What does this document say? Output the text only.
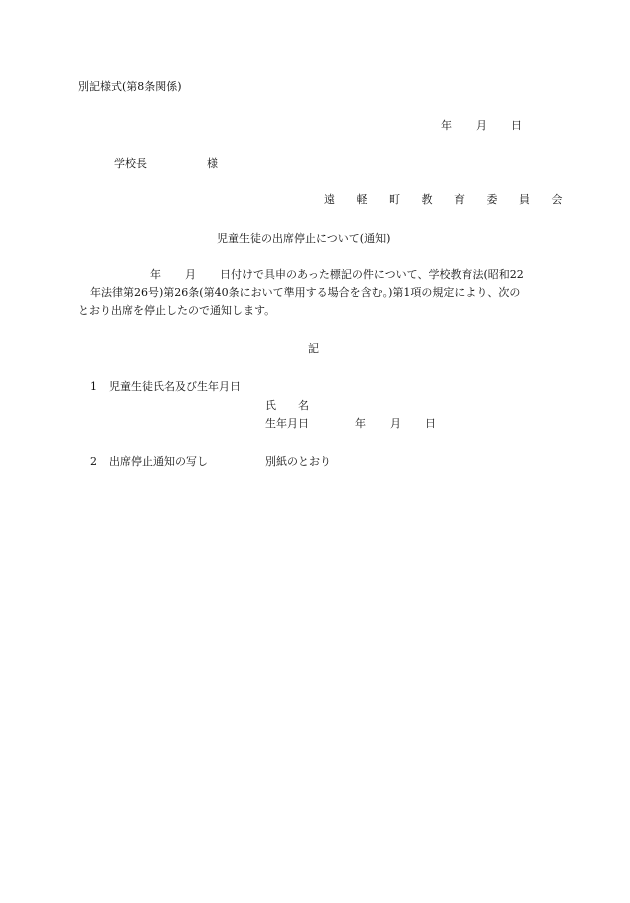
別記様式(第8条関係)
年 月 日
学校長	様
遠 軽 町 教 育 委 員 会
児童生徒の出席停止について(通知)
年 月 日付けで具申のあった標記の件について、学校教育法(昭和22
年法律第26号)第26条(第40条において準用する場合を含む。)第1項の規定により、次の
とおり出席を停止したので通知します。
記
1 児童生徒氏名及び生年月日
氏　　名
生年月日	年 月 日
2 出席停止通知の写し	別紙のとおり
